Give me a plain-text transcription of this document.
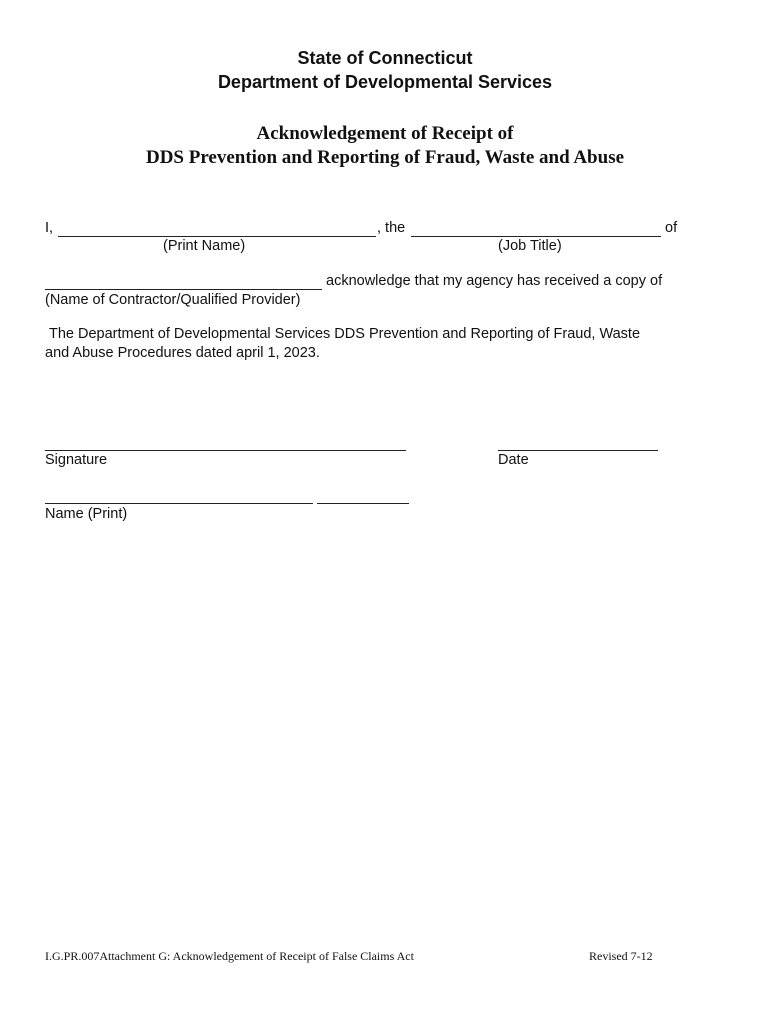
State of Connecticut
Department of Developmental Services
Acknowledgement of Receipt of
DDS Prevention and Reporting of Fraud, Waste and Abuse
I,	, the	of
(Print Name)	(Job Title)
acknowledge that my agency has received a copy of
(Name of Contractor/Qualified Provider)
The Department of Developmental Services DDS Prevention and Reporting of Fraud, Waste
and Abuse Procedures dated april 1, 2023.
Signature	Date
Name (Print)
I.G.PR.007Attachment G: Acknowledgement of Receipt of False Claims Act	Revised 7-12
